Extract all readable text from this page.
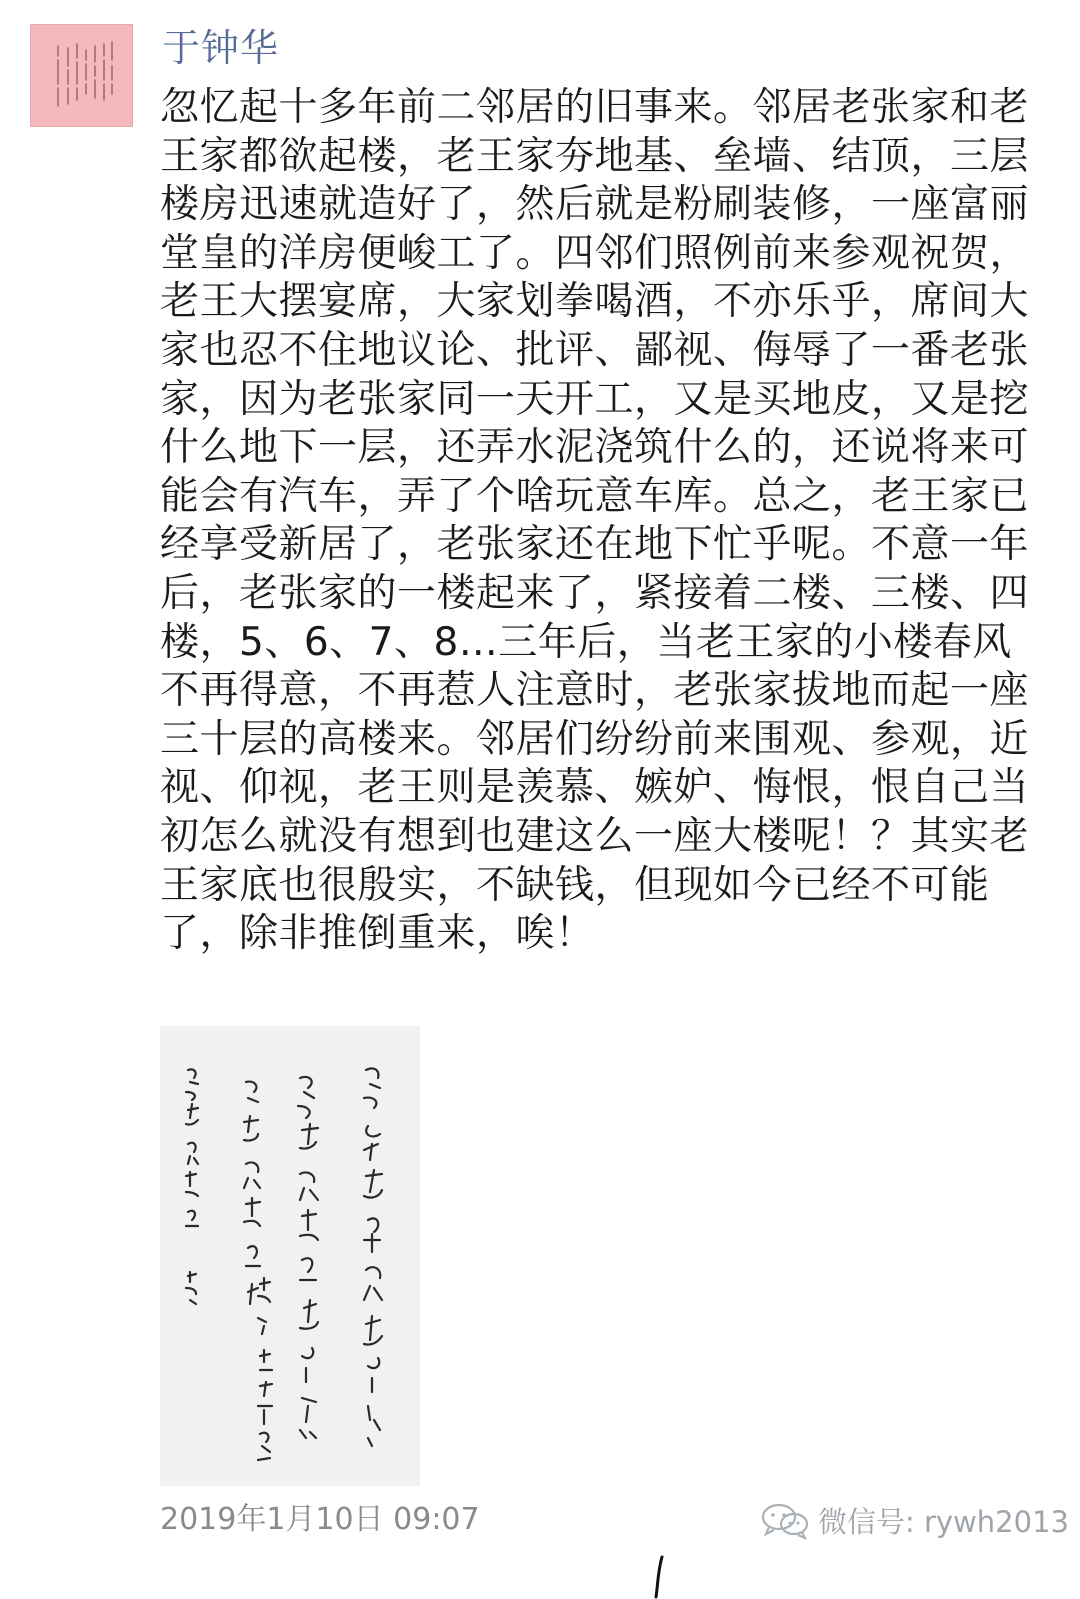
于钟华
忽忆起十多年前二邻居的旧事来。邻居老张家和老王家都欲起楼，老王家夯地基、垒墙、结顶，三层楼房迅速就造好了，然后就是粉刷装修，一座富丽堂皇的洋房便峻工了。四邻们照例前来参观祝贺，老王大摆宴席，大家划拳喝酒，不亦乐乎，席间大家也忍不住地议论、批评、鄙视、侮辱了一番老张家，因为老张家同一天开工，又是买地皮，又是挖什么地下一层，还弄水泥浇筑什么的，还说将来可能会有汽车，弄了个啥玩意车库。总之，老王家已经享受新居了，老张家还在地下忙乎呢。不意一年后，老张家的一楼起来了，紧接着二楼、三楼、四楼，5、6、7、8…三年后，当老王家的小楼春风不再得意，不再惹人注意时，老张家拔地而起一座三十层的高楼来。邻居们纷纷前来围观、参观，近视、仰视，老王则是羡慕、嫉妒、悔恨，恨自己当初怎么就没有想到也建这么一座大楼呢！？其实老王家底也很殷实，不缺钱，但现如今已经不可能了，除非推倒重来，唉！
2019年1月10日 09:07	微信号: rywh2013
